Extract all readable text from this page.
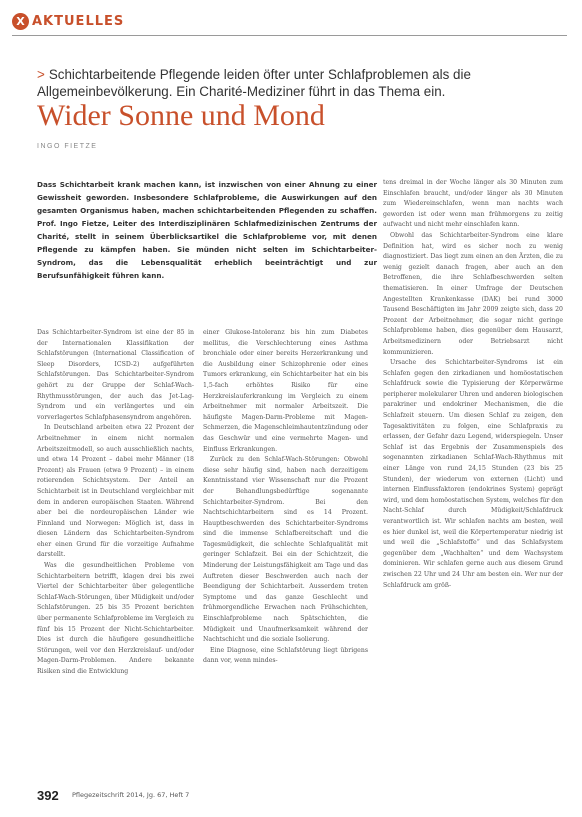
X AKTUELLES
> Schichtarbeitende Pflegende leiden öfter unter Schlafproblemen als die Allgemeinbevölkerung. Ein Charité-Mediziner führt in das Thema ein.
Wider Sonne und Mond
INGO FIETZE
Dass Schichtarbeit krank machen kann, ist inzwischen von einer Ahnung zu einer Gewissheit geworden. Insbesondere Schlafprobleme, die Auswirkungen auf den gesamten Organismus haben, machen schichtarbeitenden Pflegenden zu schaffen. Prof. Ingo Fietze, Leiter des Interdisziplinären Schlafmedizinischen Zentrums der Charité, stellt in seinem Überblicksartikel die Schlafprobleme vor, mit denen Pflegende zu kämpfen haben. Sie münden nicht selten im Schichtarbeiter-Syndrom, das die Lebensqualität erheblich beeinträchtigt und zur Berufsunfähigkeit führen kann.

Das Schichtarbeiter-Syndrom ist eine der 85 in der Internationalen Klassifikation der Schlafstörungen (International Classification of Sleep Disorders, ICSD-2) aufgeführten Schlafstörungen. Das Schichtarbeiter-Syndrom gehört zu der Gruppe der Schlaf-Wach-Rhythmusstörungen, der auch das Jet-Lag-Syndrom und ein verlängertes und ein vorverlagertes Schlafphasensyndrom angehören.

In Deutschland arbeiten etwa 22 Prozent der Arbeitnehmer in einem nicht normalen Arbeitszeitmodell, so auch ausschließlich nachts, und etwa 14 Prozent – dabei mehr Männer (18 Prozent) als Frauen (etwa 9 Prozent) – in einem rotierenden Schichtsystem. Der Anteil an Schichtarbeit ist in Deutschland vergleichbar mit dem in anderen europäischen Staaten. Während aber bei die nordeuropäischen Länder wie Finnland und Norwegen: Möglich ist, dass in diesen Ländern das Schichtarbeiten-Syndrom eher einen Grund für die vorzeitige Aufnahme darstellt.

Was die gesundheitlichen Probleme von Schichtarbeitern betrifft, klagen drei bis zwei Viertel der Schichtarbeiter über gelegentliche Schlaf-Wach-Störungen, über Müdigkeit und/oder Schlafstörungen. 25 bis 35 Prozent berichten über permanente Schlafprobleme im Vergleich zu fünf bis 15 Prozent der Nicht-Schichtarbeiter. Dies ist durch die häufigere gesundheitliche Störungen, weil vor den Herzkreislauf- und/oder Magen-Darm-Problemen. Andere bekannte Risiken sind die Entwicklung

einer Glukose-Intoleranz bis hin zum Diabetes mellitus, die Verschlechterung eines Asthma bronchiale oder einer bereits Herzerkrankung und die Ausbildung einer Schizophrenie oder eines Tumors erkrankung, ein Schichtarbeiter hat ein bis 1,5-fach erhöhtes Risiko für eine Herzkreislauferkrankung im Vergleich zu einem Arbeitnehmer mit normaler Arbeitszeit. Die häufigste Magen-Darm-Probleme mit Magen-Schmerzen, die Magenschleimhautentzündung oder das Geschwür und eine vermehrte Magen- und Einfluss Erkrankungen.

Zurück zu den Schlaf-Wach-Störungen: Obwohl diese sehr häufig sind, haben nach derzeitigem Kenntnisstand vier Wissenschaft nur die Prozent der Behandlungsbedürftige sogenannte Schichtarbeiter-Syndrom. Bei den Nachtschichtarbeitern sind es 14 Prozent. Hauptbeschwerden des Schichtarbeiter-Syndroms sind die immense Schlafbereitschaft und die Tagesmüdigkeit, die schlechte Schlafqualität mit geringer Schlafzeit. Bei ein der Schichtzeit, die Minderung der Leistungsfähigkeit am Tage und das Auftreten dieser Beschwerden auch nach der Beendigung der Schichtarbeit. Ausserdem treten Symptome und das ganze Geschlecht und frühmorgendliche Erwachen nach Frühschichten, Einschlafprobleme nach Spätschichten, die Müdigkeit und Unaufmerksamkeit während der Nachtschicht und die soziale Isolierung.

Eine Diagnose, eine Schlafstörung liegt übrigens dann vor, wenn mindes-

tens dreimal in der Woche länger als 30 Minuten zum Einschlafen braucht, und/oder länger als 30 Minuten zum Wiedereinschlafen, wenn man nachts wach geworden ist oder wenn man frühmorgens zu zeitig aufwacht und nicht mehr einschlafen kann.

Obwohl das Schichtarbeiter-Syndrom eine klare Definition hat, wird es sicher noch zu wenig diagnostiziert. Das liegt zum einen an den Ärzten, die zu wenig gezielt danach fragen, aber auch an den Betroffenen, die ihre Schlafbeschwerden selten thematisieren. In einer Umfrage der Deutschen Angestellten Krankenkasse (DAK) bei rund 3000 Tausend Beschäftigten im Jahr 2009 zeigte sich, dass 20 Prozent der Arbeitnehmer, die sogar nicht geringe Schlafprobleme haben, dies gegenüber dem Hausarzt, Arbeitsmedizinern oder Betriebsarzt nicht kommunizieren.

Ursache des Schichtarbeiter-Syndroms ist ein Schlafen gegen den zirkadianen und homöostatischen Schlafdruck sowie die Typisierung der Körperwärme peripherer molekularer Uhren und anderen biologischen parakriner und endokriner Mechanismen, die die Schlafzeit steuern. Um diesen Schlaf zu zeigen, den Tagesaktivitäten zu folgen, eine Schlafpraxis zu erlassen, der Gefahr dazu Legend, widerspiegeln. Unser Schlaf ist das Ergebnis der Zusammenspiels des sogenannten zirkadianen Schlaf-Wach-Rhythmus mit einer Länge von rund 24,15 Stunden (23 bis 25 Stunden), der wiederum von externen (Licht) und internen Einflussfaktoren (endokrines System) geprägt wird, und dem homöostatischen System, welches für den Nacht-Schlaf durch Müdigkeit/Schlafdruck verantwortlich ist. Wir schlafen nachts am besten, weil es hier dunkel ist, weil die Körpertemperatur niedrig ist und weil die „Schlafstoffe“ und das Schlafsystem gegenüber dem „Wachhalten“ und dem Wachsystem dominieren. Wir schlafen gerne auch aus diesem Grund zwischen 22 Uhr und 24 Uhr am besten ein. Wer nur der Schlafdruck am größ-

392 Pflegezeitschrift 2014, Jg. 67, Heft 7
